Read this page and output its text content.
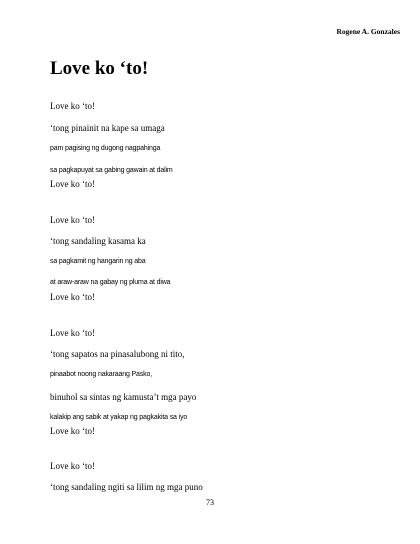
Rogene A. Gonzales
Love ko ‘to!
Love ko ‘to!
‘tong pinainit na kape sa umaga
pam pagising ng dugong nagpahinga
sa pagkapuyat sa gabing gawain at dalim
Love ko ‘to!
Love ko ‘to!
‘tong sandaling kasama ka
sa pagkamit ng hangarin ng aba
at araw-araw na gabay ng pluma at diwa
Love ko ‘to!
Love ko ‘to!
‘tong sapatos na pinasalubong ni tito,
pinaabot noong nakaraang Pasko,
binuhol sa sintas ng kamusta’t mga payo
kalakip ang sabik at yakap ng pagkakita sa iyo
Love ko ‘to!
Love ko ‘to!
‘tong sandaling ngiti sa lilim ng mga puno
73
